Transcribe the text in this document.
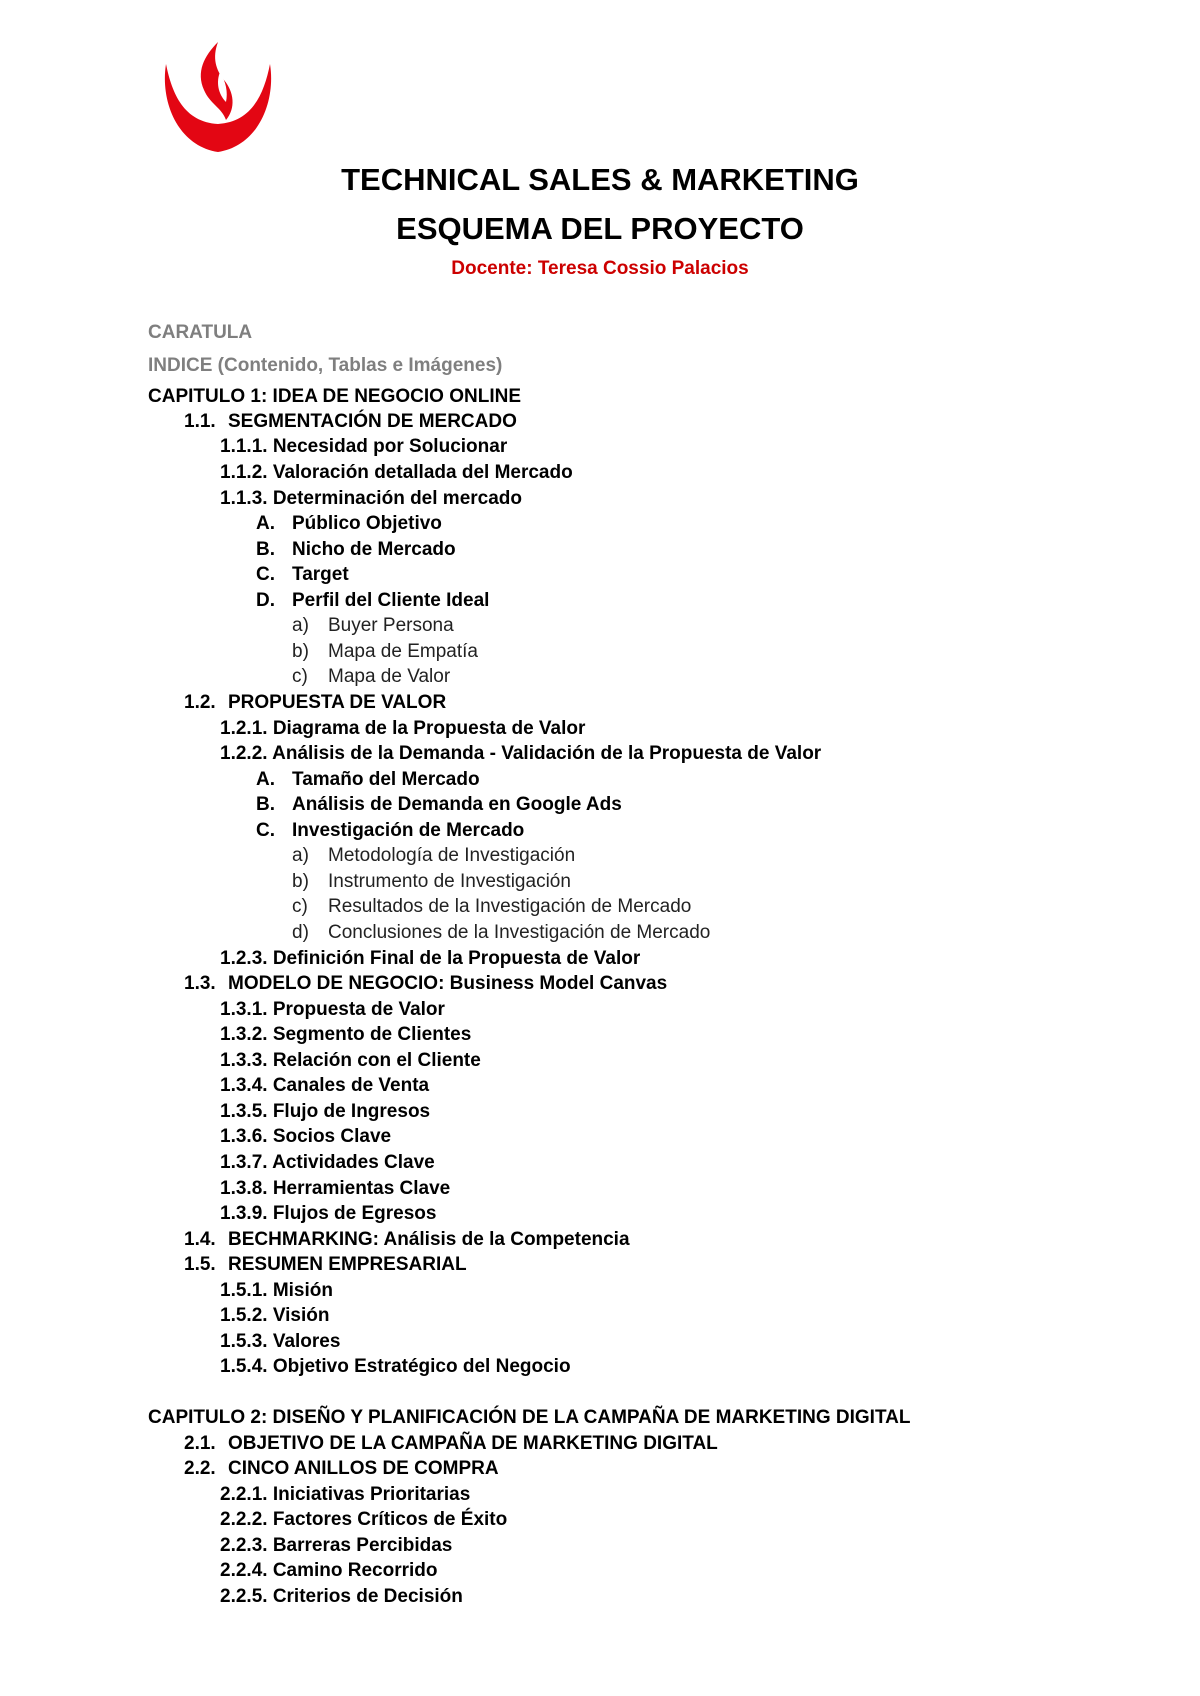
TECHNICAL SALES & MARKETING
ESQUEMA DEL PROYECTO
Docente: Teresa Cossio Palacios
CARATULA
INDICE (Contenido, Tablas e Imágenes)
CAPITULO 1: IDEA DE NEGOCIO ONLINE
1.1. SEGMENTACIÓN DE MERCADO
1.1.1. Necesidad por Solucionar
1.1.2. Valoración detallada del Mercado
1.1.3. Determinación del mercado
A. Público Objetivo
B. Nicho de Mercado
C. Target
D. Perfil del Cliente Ideal
a) Buyer Persona
b) Mapa de Empatía
c) Mapa de Valor
1.2. PROPUESTA DE VALOR
1.2.1. Diagrama de la Propuesta de Valor
1.2.2. Análisis de la Demanda - Validación de la Propuesta de Valor
A. Tamaño del Mercado
B. Análisis de Demanda en Google Ads
C. Investigación de Mercado
a) Metodología de Investigación
b) Instrumento de Investigación
c) Resultados de la Investigación de Mercado
d) Conclusiones de la Investigación de Mercado
1.2.3. Definición Final de la Propuesta de Valor
1.3. MODELO DE NEGOCIO: Business Model Canvas
1.3.1. Propuesta de Valor
1.3.2. Segmento de Clientes
1.3.3. Relación con el Cliente
1.3.4. Canales de Venta
1.3.5. Flujo de Ingresos
1.3.6. Socios Clave
1.3.7. Actividades Clave
1.3.8. Herramientas Clave
1.3.9. Flujos de Egresos
1.4. BECHMARKING: Análisis de la Competencia
1.5. RESUMEN EMPRESARIAL
1.5.1. Misión
1.5.2. Visión
1.5.3. Valores
1.5.4. Objetivo Estratégico del Negocio
CAPITULO 2: DISEÑO Y PLANIFICACIÓN DE LA CAMPAÑA DE MARKETING DIGITAL
2.1. OBJETIVO DE LA CAMPAÑA DE MARKETING DIGITAL
2.2. CINCO ANILLOS DE COMPRA
2.2.1. Iniciativas Prioritarias
2.2.2. Factores Críticos de Éxito
2.2.3. Barreras Percibidas
2.2.4. Camino Recorrido
2.2.5. Criterios de Decisión
